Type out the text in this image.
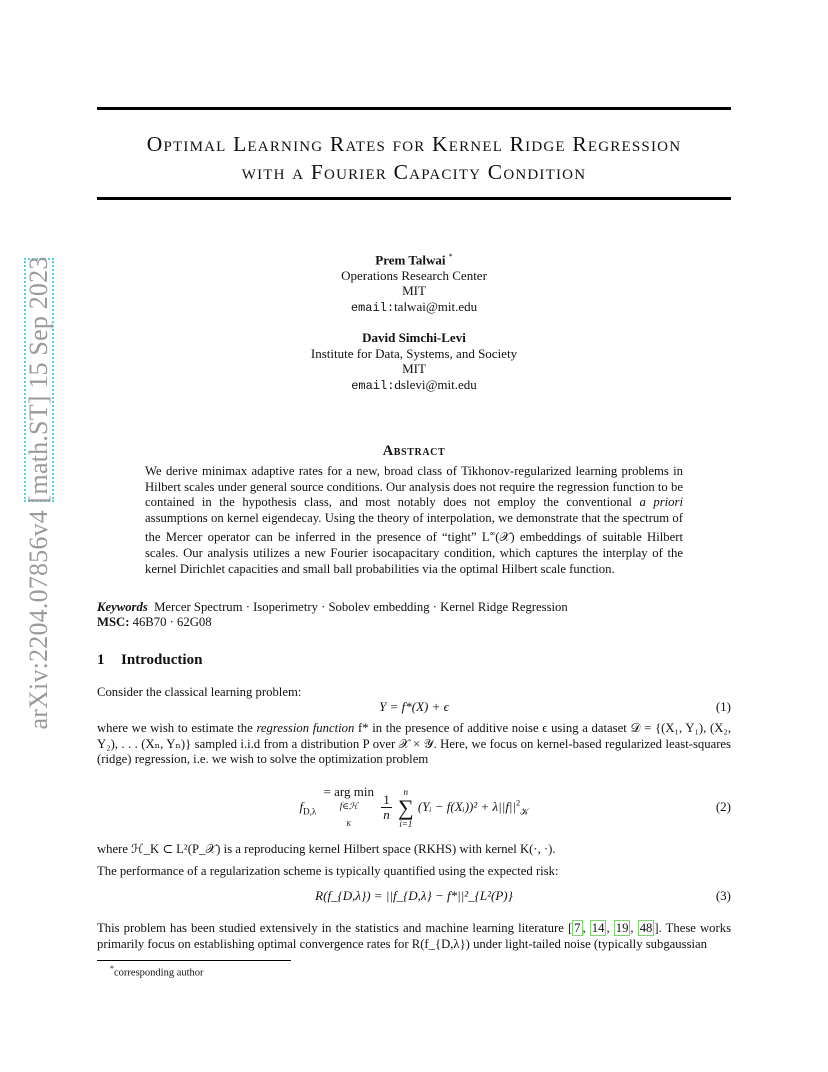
arXiv:2204.07856v4 [math.ST] 15 Sep 2023
Optimal Learning Rates for Kernel Ridge Regression
with a Fourier Capacity Condition
Prem Talwai *
Operations Research Center
MIT
email:talwai@mit.edu
David Simchi-Levi
Institute for Data, Systems, and Society
MIT
email:dslevi@mit.edu
Abstract
We derive minimax adaptive rates for a new, broad class of Tikhonov-regularized learning problems in Hilbert scales under general source conditions. Our analysis does not require the regression function to be contained in the hypothesis class, and most notably does not employ the conventional a priori assumptions on kernel eigendecay. Using the theory of interpolation, we demonstrate that the spectrum of the Mercer operator can be inferred in the presence of “tight” L∞(𝒳) embeddings of suitable Hilbert scales. Our analysis utilizes a new Fourier isocapacitary condition, which captures the interplay of the kernel Dirichlet capacities and small ball probabilities via the optimal Hilbert scale function.
Keywords Mercer Spectrum · Isoperimetry · Sobolev embedding · Kernel Ridge Regression
MSC: 46B70 · 62G08
1 Introduction
Consider the classical learning problem:
Y = f*(X) + ϵ	(1)
where we wish to estimate the regression function f* in the presence of additive noise ϵ using a dataset 𝒟 = {(X₁, Y₁), (X₂, Y₂), . . . (Xₙ, Yₙ)} sampled i.i.d from a distribution P over 𝒳 × 𝒴. Here, we focus on kernel-based regularized least-squares (ridge) regression, i.e. we wish to solve the optimization problem
$f_{D,\lambda}$
= arg min
f∈ℋ
$_K$

$\frac{1}{n}$

n
∑
i=1
(Yᵢ − f(Xᵢ))² + $\lambda||f||^2_𝒦$	(2)
where ℋ_K ⊂ L²(P_𝒳) is a reproducing kernel Hilbert space (RKHS) with kernel K(·, ·).
The performance of a regularization scheme is typically quantified using the expected risk:
R(f_{D,λ}) = ||f_{D,λ} − f*||²_{L²(P)}	(3)
This problem has been studied extensively in the statistics and machine learning literature [ 7 , 14 , 19 , 48 ]. These works primarily focus on establishing optimal convergence rates for R(f_{D,λ}) under light-tailed noise (typically subgaussian
*corresponding author
